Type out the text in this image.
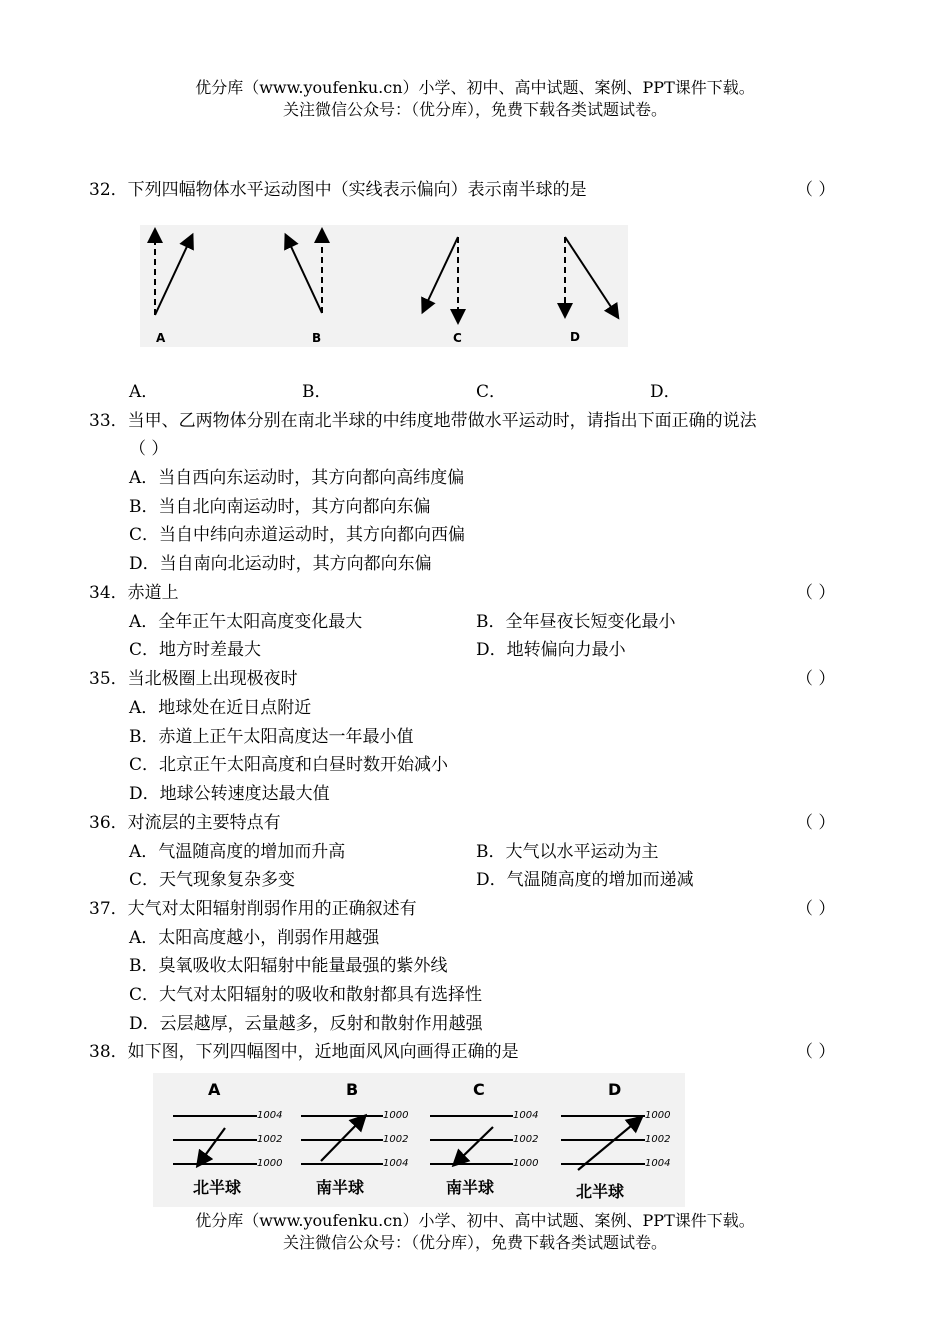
优分库（www.youfenku.cn）小学、初中、高中试题、案例、PPT课件下载。
关注微信公众号：（优分库），免费下载各类试题试卷。
32．下列四幅物体水平运动图中（实线表示偏向）表示南半球的是	（ ）
A	B	C	D
A．	B．	C．	D．
33．当甲、乙两物体分别在南北半球的中纬度地带做水平运动时，请指出下面正确的说法
（ ）
A．当自西向东运动时，其方向都向高纬度偏
B．当自北向南运动时，其方向都向东偏
C．当自中纬向赤道运动时，其方向都向西偏
D．当自南向北运动时，其方向都向东偏
34．赤道上	（ ）
A．全年正午太阳高度变化最大	B．全年昼夜长短变化最小
C．地方时差最大	D．地转偏向力最小
35．当北极圈上出现极夜时	（ ）
A．地球处在近日点附近
B．赤道上正午太阳高度达一年最小值
C．北京正午太阳高度和白昼时数开始减小
D．地球公转速度达最大值
36．对流层的主要特点有	（ ）
A．气温随高度的增加而升高	B．大气以水平运动为主
C．天气现象复杂多变	D．气温随高度的增加而递减
37．大气对太阳辐射削弱作用的正确叙述有	（ ）
A．太阳高度越小，削弱作用越强
B．臭氧吸收太阳辐射中能量最强的紫外线
C．大气对太阳辐射的吸收和散射都具有选择性
D．云层越厚，云量越多，反射和散射作用越强
38．如下图，下列四幅图中，近地面风风向画得正确的是	（ ）
A
1004
1002
1000
北半球
B
1000
1002
1004
南半球
C
1004
1002
1000
南半球
D
1000
1002
1004
北半球
优分库（www.youfenku.cn）小学、初中、高中试题、案例、PPT课件下载。
关注微信公众号：（优分库），免费下载各类试题试卷。
